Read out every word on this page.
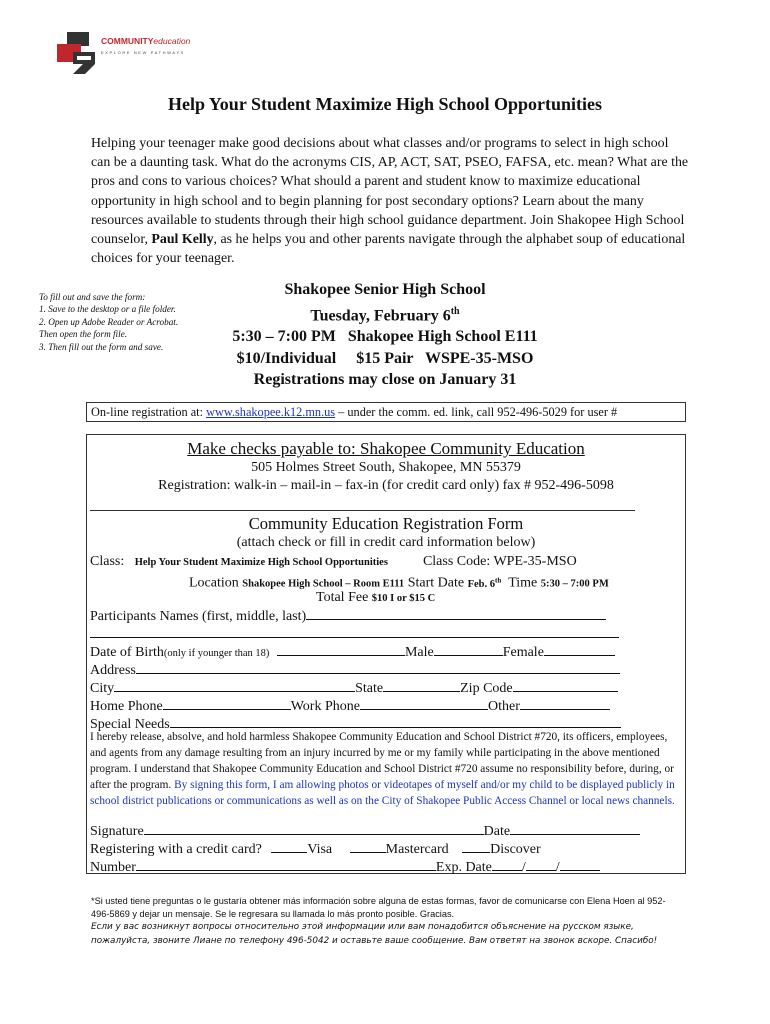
COMMUNITYeducation
EXPLORE NEW PATHWAYS
Help Your Student Maximize High School Opportunities
Helping your teenager make good decisions about what classes and/or programs to select in high school can be a daunting task. What do the acronyms CIS, AP, ACT, SAT, PSEO, FAFSA, etc. mean? What are the pros and cons to various choices? What should a parent and student know to maximize educational opportunity in high school and to begin planning for post secondary options? Learn about the many resources available to students through their high school guidance department. Join Shakopee High School counselor, Paul Kelly, as he helps you and other parents navigate through the alphabet soup of educational choices for your teenager.
To fill out and save the form:
1. Save to the desktop or a file folder.
2. Open up Adobe Reader or Acrobat. Then open the form file.
3. Then fill out the form and save.
Shakopee Senior High School
Tuesday, February 6th
5:30 – 7:00 PM   Shakopee High School E111
$10/Individual     $15 Pair   WSPE-35-MSO
Registrations may close on January 31
On-line registration at: www.shakopee.k12.mn.us – under the comm. ed. link, call 952-496-5029 for user #
Make checks payable to: Shakopee Community Education
505 Holmes Street South, Shakopee, MN 55379
Registration: walk-in – mail-in – fax-in (for credit card only) fax # 952-496-5098
Community Education Registration Form
(attach check or fill in credit card information below)
Class: Help Your Student Maximize High School Opportunities	Class Code: WPE-35-MSO
Location Shakopee High School – Room E111 Start Date Feb. 6th Time 5:30 – 7:00 PM
Total Fee $10 I or $15 C
Participants Names (first, middle, last)
Date of Birth(only if younger than 18)	Male	Female
Address
City	State	Zip Code
Home Phone	Work Phone	Other
Special Needs
I hereby release, absolve, and hold harmless Shakopee Community Education and School District #720, its officers, employees, and agents from any damage resulting from an injury incurred by me or my family while participating in the above mentioned program. I understand that Shakopee Community Education and School District #720 assume no responsibility before, during, or after the program. By signing this form, I am allowing photos or videotapes of myself and/or my child to be displayed publicly in school district publications or communications as well as on the City of Shakopee Public Access Channel or local news channels.
Signature	Date
Registering with a credit card?	Visa	Mastercard	Discover
Number	Exp. Date / /
*Si usted tiene preguntas o le gustaría obtener más información sobre alguna de estas formas, favor de comunicarse con Elena Hoen al 952-496-5869 y dejar un mensaje. Se le regresara su llamada lo más pronto posible. Gracias.
Если у вас возникнут вопросы относительно этой информации или вам понадобится объяснение на русском языке, пожалуйста, звоните Лиане по телефону 496-5042 и оставьте ваше сообщение. Вам ответят на звонок вскоре. Спасибо!
